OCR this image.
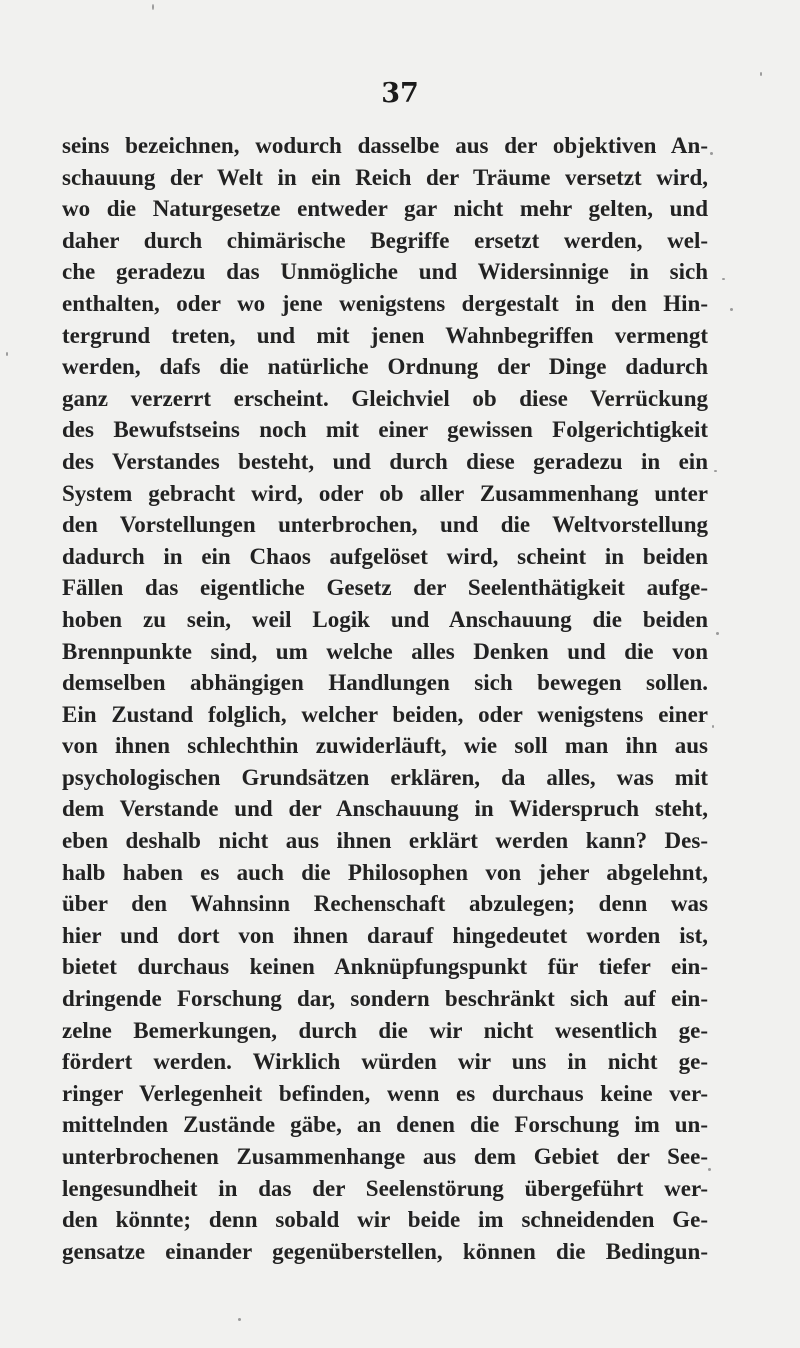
37
seins bezeichnen, wodurch dasselbe aus der objektiven An-
schauung der Welt in ein Reich der Träume versetzt wird,
wo die Naturgesetze entweder gar nicht mehr gelten, und
daher durch chimärische Begriffe ersetzt werden, wel-
che geradezu das Unmögliche und Widersinnige in sich
enthalten, oder wo jene wenigstens dergestalt in den Hin-
tergrund treten, und mit jenen Wahnbegriffen vermengt
werden, dafs die natürliche Ordnung der Dinge dadurch
ganz verzerrt erscheint. Gleichviel ob diese Verrückung
des Bewufstseins noch mit einer gewissen Folgerichtigkeit
des Verstandes besteht, und durch diese geradezu in ein
System gebracht wird, oder ob aller Zusammenhang unter
den Vorstellungen unterbrochen, und die Weltvorstellung
dadurch in ein Chaos aufgelöset wird, scheint in beiden
Fällen das eigentliche Gesetz der Seelenthätigkeit aufge-
hoben zu sein, weil Logik und Anschauung die beiden
Brennpunkte sind, um welche alles Denken und die von
demselben abhängigen Handlungen sich bewegen sollen.
Ein Zustand folglich, welcher beiden, oder wenigstens einer
von ihnen schlechthin zuwiderläuft, wie soll man ihn aus
psychologischen Grundsätzen erklären, da alles, was mit
dem Verstande und der Anschauung in Widerspruch steht,
eben deshalb nicht aus ihnen erklärt werden kann? Des-
halb haben es auch die Philosophen von jeher abgelehnt,
über den Wahnsinn Rechenschaft abzulegen; denn was
hier und dort von ihnen darauf hingedeutet worden ist,
bietet durchaus keinen Anknüpfungspunkt für tiefer ein-
dringende Forschung dar, sondern beschränkt sich auf ein-
zelne Bemerkungen, durch die wir nicht wesentlich ge-
fördert werden. Wirklich würden wir uns in nicht ge-
ringer Verlegenheit befinden, wenn es durchaus keine ver-
mittelnden Zustände gäbe, an denen die Forschung im un-
unterbrochenen Zusammenhange aus dem Gebiet der See-
lengesundheit in das der Seelenstörung übergeführt wer-
den könnte; denn sobald wir beide im schneidenden Ge-
gensatze einander gegenüberstellen, können die Bedingun-
